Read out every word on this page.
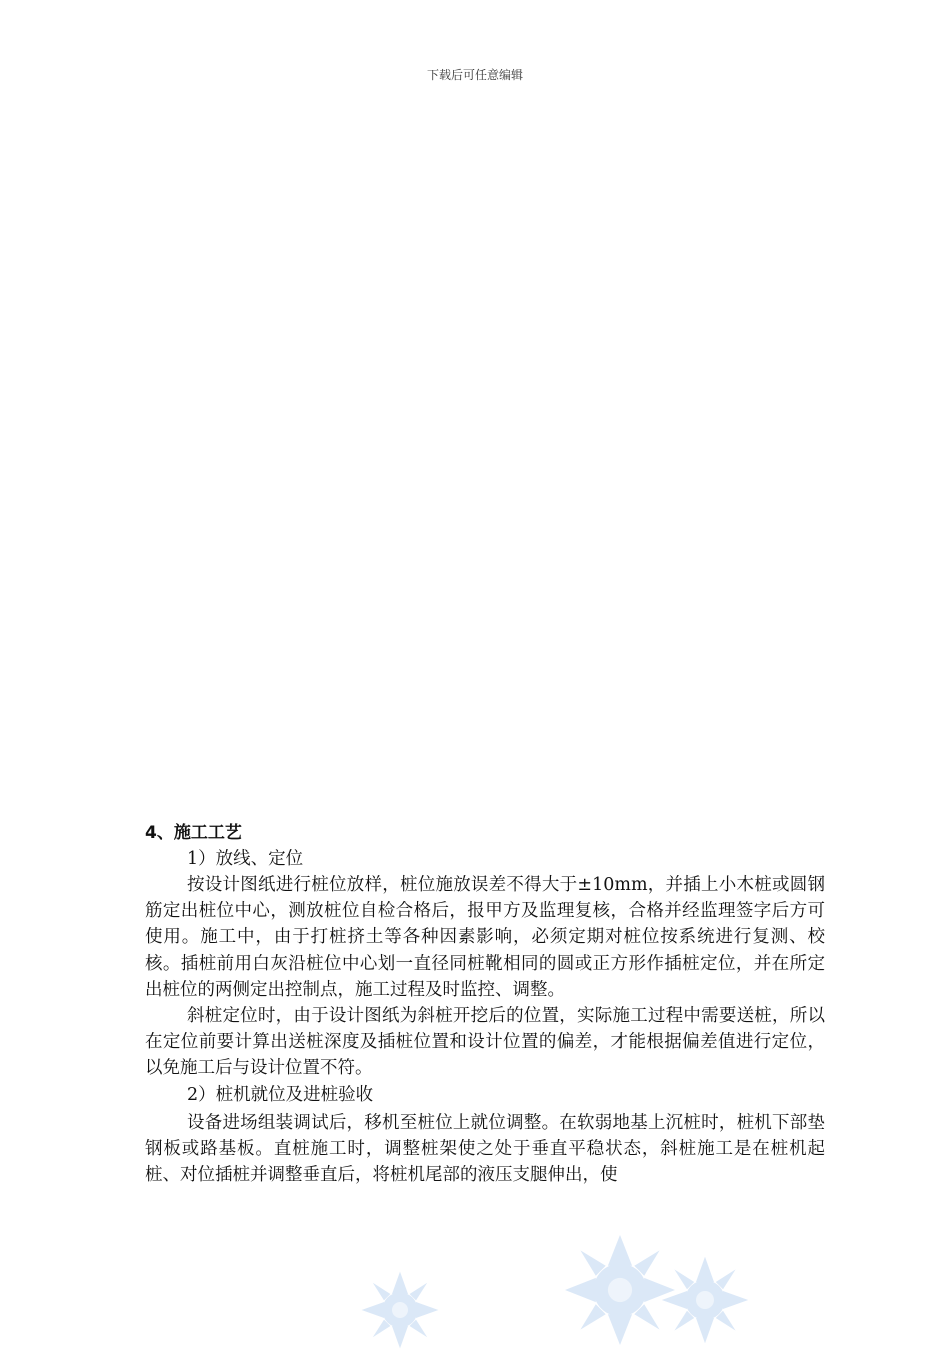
下载后可任意编辑

4、施工工艺

1）放线、定位

按设计图纸进行桩位放样，桩位施放误差不得大于±10mm，并插上小木桩或圆钢筋定出桩位中心，测放桩位自检合格后，报甲方及监理复核，合格并经监理签字后方可使用。施工中，由于打桩挤土等各种因素影响，必须定期对桩位按系统进行复测、校核。插桩前用白灰沿桩位中心划一直径同桩靴相同的圆或正方形作插桩定位，并在所定出桩位的两侧定出控制点，施工过程及时监控、调整。

斜桩定位时，由于设计图纸为斜桩开挖后的位置，实际施工过程中需要送桩，所以在定位前要计算出送桩深度及插桩位置和设计位置的偏差，才能根据偏差值进行定位，以免施工后与设计位置不符。

2）桩机就位及进桩验收

设备进场组装调试后，移机至桩位上就位调整。在软弱地基上沉桩时，桩机下部垫钢板或路基板。直桩施工时，调整桩架使之处于垂直平稳状态，斜桩施工是在桩机起桩、对位插桩并调整垂直后，将桩机尾部的液压支腿伸出，使
